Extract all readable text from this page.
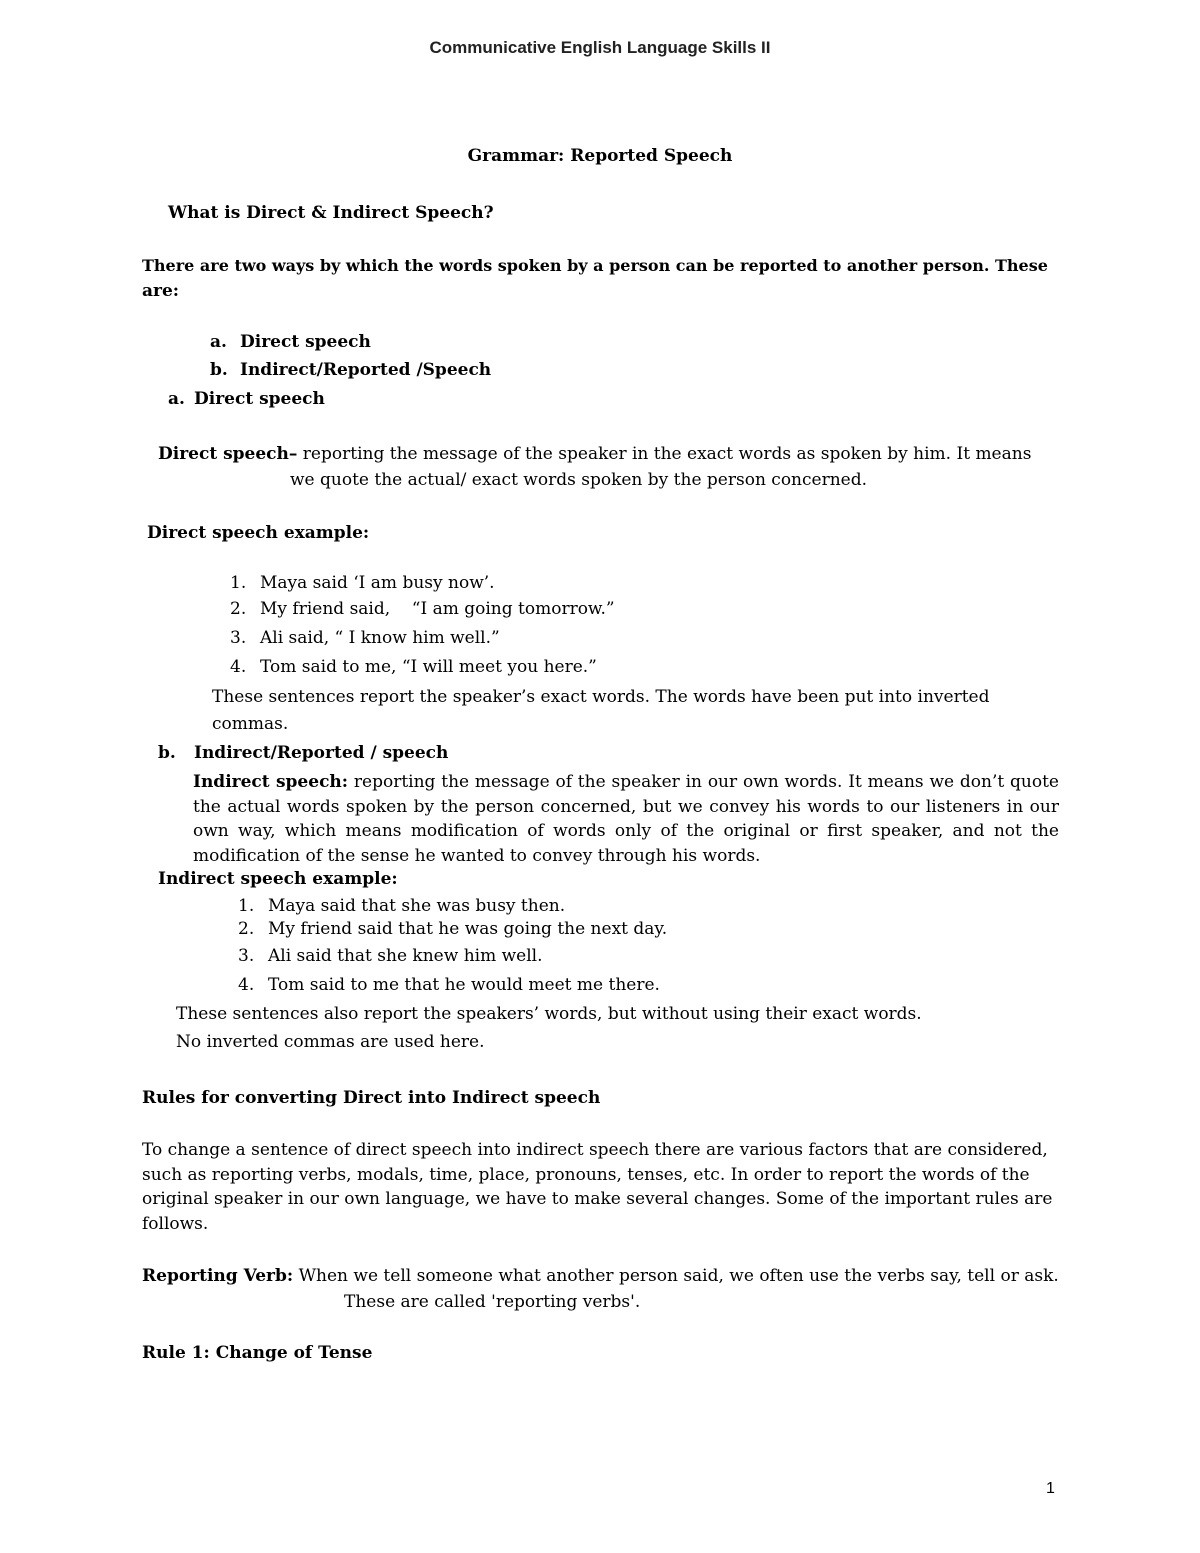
Communicative English Language Skills II
Grammar: Reported Speech
What is Direct & Indirect Speech?
There are two ways by which the words spoken by a person can be reported to another person. These
are:
a. Direct speech
b. Indirect/Reported /Speech
a. Direct speech
Direct speech– reporting the message of the speaker in the exact words as spoken by him. It means
we quote the actual/ exact words spoken by the person concerned.
Direct speech example:
1. Maya said ‘I am busy now’.
2. My friend said,    “I am going tomorrow.”
3. Ali said, “ I know him well.”
4. Tom said to me, “I will meet you here.”
These sentences report the speaker’s exact words. The words have been put into inverted
commas.
b. Indirect/Reported / speech
Indirect speech: reporting the message of the speaker in our own words. It means we don’t quote the actual words spoken by the person concerned, but we convey his words to our listeners in our own way, which means modification of words only of the original or first speaker, and not the modification of the sense he wanted to convey through his words.
Indirect speech example:
1. Maya said that she was busy then.
2. My friend said that he was going the next day.
3. Ali said that she knew him well.
4. Tom said to me that he would meet me there.
These sentences also report the speakers’ words, but without using their exact words.
No inverted commas are used here.
Rules for converting Direct into Indirect speech
To change a sentence of direct speech into indirect speech there are various factors that are considered, such as reporting verbs, modals, time, place, pronouns, tenses, etc. In order to report the words of the original speaker in our own language, we have to make several changes. Some of the important rules are follows.
Reporting Verb: When we tell someone what another person said, we often use the verbs say, tell or ask.
These are called 'reporting verbs'.
Rule 1: Change of Tense
1
